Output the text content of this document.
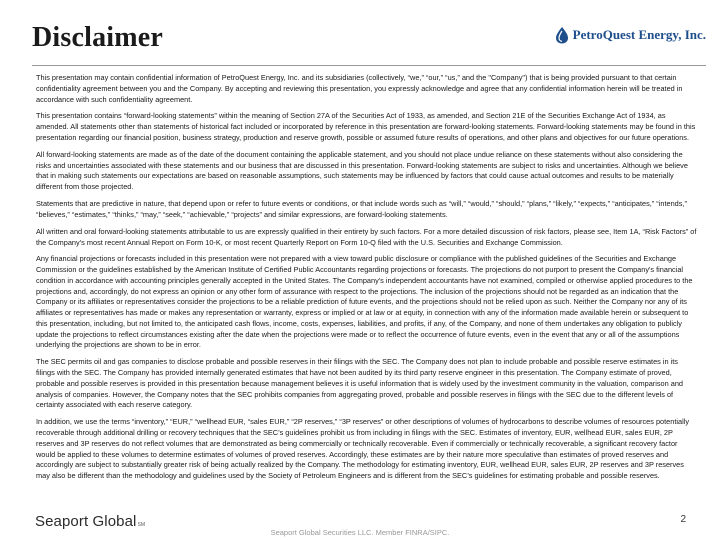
Disclaimer	PetroQuest Energy, Inc.

This presentation may contain confidential information of PetroQuest Energy, Inc. and its subsidiaries (collectively, “we,” “our,” “us,” and the "Company") that is being provided pursuant to that certain confidentiality agreement between you and the Company. By accepting and reviewing this presentation, you expressly acknowledge and agree that any confidential information herein will be treated in accordance with such confidentiality agreement.

This presentation contains “forward-looking statements” within the meaning of Section 27A of the Securities Act of 1933, as amended, and Section 21E of the Securities Exchange Act of 1934, as amended. All statements other than statements of historical fact included or incorporated by reference in this presentation are forward-looking statements. Forward-looking statements may be found in this presentation regarding our financial position, business strategy, production and reserve growth, possible or assumed future results of operations, and other plans and objectives for our future operations.

All forward-looking statements are made as of the date of the document containing the applicable statement, and you should not place undue reliance on these statements without also considering the risks and uncertainties associated with these statements and our business that are discussed in this presentation. Forward-looking statements are subject to risks and uncertainties. Although we believe that in making such statements our expectations are based on reasonable assumptions, such statements may be influenced by factors that could cause actual outcomes and results to be materially different from those projected.

Statements that are predictive in nature, that depend upon or refer to future events or conditions, or that include words such as “will,” “would,” “should,” “plans,” “likely,” “expects,” “anticipates,” “intends,” “believes,” “estimates,” “thinks,” “may,” “seek,” “achievable,” “projects” and similar expressions, are forward-looking statements.

All written and oral forward-looking statements attributable to us are expressly qualified in their entirety by such factors. For a more detailed discussion of risk factors, please see, Item 1A, “Risk Factors” of the Company’s most recent Annual Report on Form 10-K, or most recent Quarterly Report on Form 10-Q filed with the U.S. Securities and Exchange Commission.

Any financial projections or forecasts included in this presentation were not prepared with a view toward public disclosure or compliance with the published guidelines of the Securities and Exchange Commission or the guidelines established by the American Institute of Certified Public Accountants regarding projections or forecasts. The projections do not purport to present the Company's financial condition in accordance with accounting principles generally accepted in the United States. The Company's independent accountants have not examined, compiled or otherwise applied procedures to the projections and, accordingly, do not express an opinion or any other form of assurance with respect to the projections. The inclusion of the projections should not be regarded as an indication that the Company or its affiliates or representatives consider the projections to be a reliable prediction of future events, and the projections should not be relied upon as such. Neither the Company nor any of its affiliates or representatives has made or makes any representation or warranty, express or implied or at law or at equity, in connection with any of the information made available herein or subsequent to this presentation, including, but not limited to, the anticipated cash flows, income, costs, expenses, liabilities, and profits, if any, of the Company, and none of them undertakes any obligation to publicly update the projections to reflect circumstances existing after the date when the projections were made or to reflect the occurrence of future events, even in the event that any or all of the assumptions underlying the projections are shown to be in error.

The SEC permits oil and gas companies to disclose probable and possible reserves in their filings with the SEC. The Company does not plan to include probable and possible reserve estimates in its filings with the SEC. The Company has provided internally generated estimates that have not been audited by its third party reserve engineer in this presentation. The Company estimate of proved, probable and possible reserves is provided in this presentation because management believes it is useful information that is widely used by the investment community in the valuation, comparison and analysis of companies. However, the Company notes that the SEC prohibits companies from aggregating proved, probable and possible reserves in filings with the SEC due to the different levels of certainty associated with each reserve category.

In addition, we use the terms “inventory,” “EUR,” “wellhead EUR, “sales EUR,” “2P reserves,” “3P reserves” or other descriptions of volumes of hydrocarbons to describe volumes of resources potentially recoverable through additional drilling or recovery techniques that the SEC’s guidelines prohibit us from including in filings with the SEC. Estimates of inventory, EUR, wellhead EUR, sales EUR, 2P reserves and 3P reserves do not reflect volumes that are demonstrated as being commercially or technically recoverable. Even if commercially or technically recoverable, a significant recovery factor would be applied to these volumes to determine estimates of volumes of proved reserves. Accordingly, these estimates are by their nature more speculative than estimates of proved reserves and accordingly are subject to substantially greater risk of being actually realized by the Company. The methodology for estimating inventory, EUR, wellhead EUR, sales EUR, 2P reserves and 3P reserves may also be different than the methodology and guidelines used by the Society of Petroleum Engineers and is different from the SEC’s guidelines for estimating probable and possible reserves.

Seaport GlobalSM
Seaport Global Securities LLC. Member FINRA/SIPC.
2
